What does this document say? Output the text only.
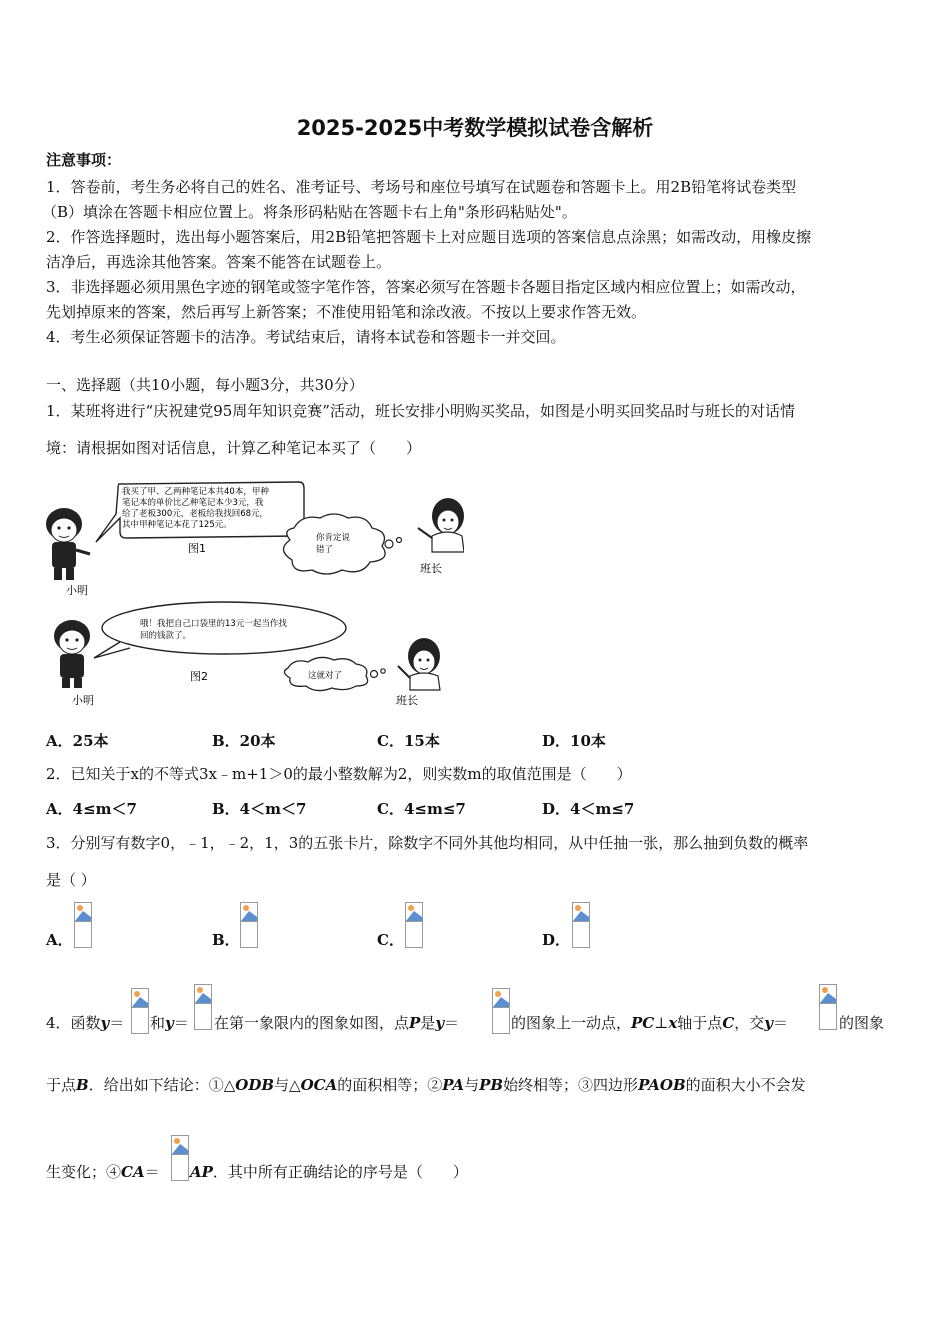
2025-2025中考数学模拟试卷含解析
注意事项：
1．答卷前，考生务必将自己的姓名、准考证号、考场号和座位号填写在试题卷和答题卡上。用2B铅笔将试卷类型
（B）填涂在答题卡相应位置上。将条形码粘贴在答题卡右上角"条形码粘贴处"。
2．作答选择题时，选出每小题答案后，用2B铅笔把答题卡上对应题目选项的答案信息点涂黑；如需改动，用橡皮擦
洁净后，再选涂其他答案。答案不能答在试题卷上。
3．非选择题必须用黑色字迹的钢笔或签字笔作答，答案必须写在答题卡各题目指定区域内相应位置上；如需改动，
先划掉原来的答案，然后再写上新答案；不准使用铅笔和涂改液。不按以上要求作答无效。
4．考生必须保证答题卡的洁净。考试结束后，请将本试卷和答题卡一并交回。
一、选择题（共10小题，每小题3分，共30分）
1．某班将进行“庆祝建党95周年知识竞赛”活动，班长安排小明购买奖品，如图是小明买回奖品时与班长的对话情
境：请根据如图对话信息，计算乙种笔记本买了（　　）
我买了甲、乙两种笔记本共40本，甲种
笔记本的单价比乙种笔记本少3元，我
给了老板300元，老板给我找回68元，
其中甲种笔记本花了125元。
你肯定说
错了
图1
小明
班长
哦！我把自己口袋里的13元一起当作找
回的钱款了。
这就对了
图2
小明	班长
A．25本	B．20本	C．15本	D．10本
2．已知关于x的不等式3x﹣m+1＞0的最小整数解为2，则实数m的取值范围是（　　）
A．4≤m＜7	B．4＜m＜7	C．4≤m≤7	D．4＜m≤7
3．分别写有数字0，﹣1，﹣2，1，3的五张卡片，除数字不同外其他均相同，从中任抽一张，那么抽到负数的概率
是（ ）
A．	B．	C．	D．
4．函数y＝ 和y＝ 在第一象限内的图象如图，点P是y＝	的图象上一动点，PC⊥x轴于点C，交y＝	的图象
于点B．给出如下结论：①△ODB与△OCA的面积相等；②PA与PB始终相等；③四边形PAOB的面积大小不会发
生变化；④CA＝ AP．其中所有正确结论的序号是（　　）
